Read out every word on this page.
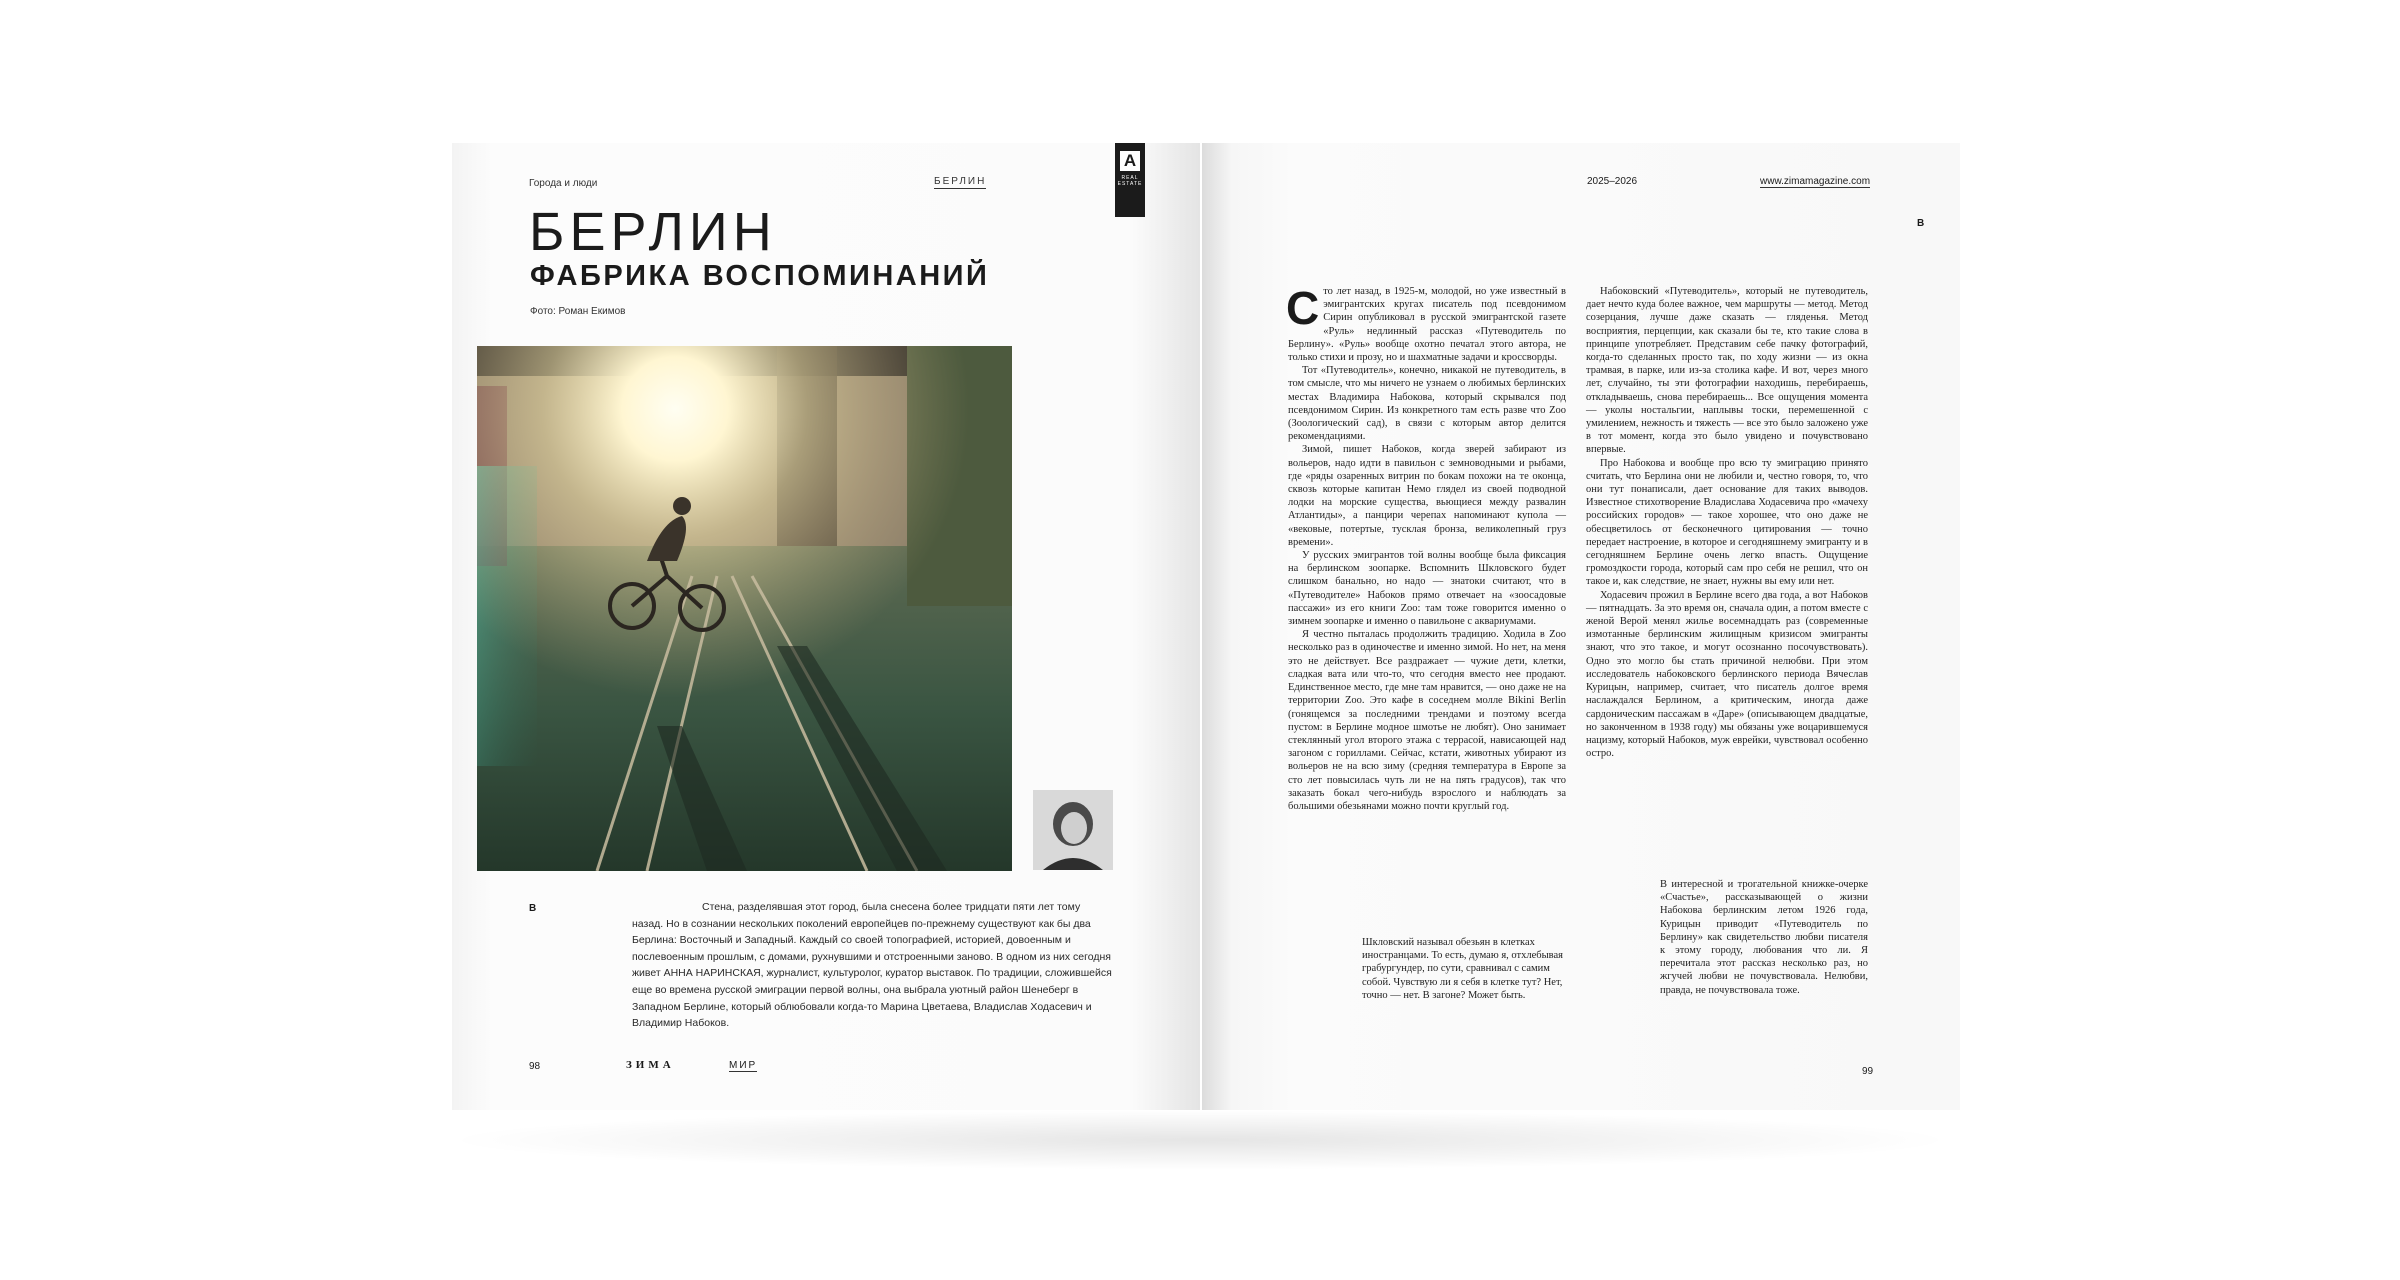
Города и люди	БЕРЛИН
A
REAL ESTATE
БЕРЛИН
ФАБРИКА ВОСПОМИНАНИЙ
Фото: Роман Екимов
B	Стена, разделявшая этот город, была снесена более тридцати пяти лет тому назад. Но в сознании нескольких поколений европейцев по-прежнему существуют как бы два Берлина: Восточный и Западный. Каждый со своей топографией, историей, довоенным и послевоенным прошлым, с домами, рухнувшими и отстроенными заново. В одном из них сегодня живет АННА НАРИНСКАЯ, журналист, культуролог, куратор выставок. По традиции, сложившейся еще во времена русской эмиграции первой волны, она выбрала уютный район Шенеберг в Западном Берлине, который облюбовали когда-то Марина Цветаева, Владислав Ходасевич и Владимир Набоков.

98	ЗИМА	МИР
2025–2026	www.zimamagazine.com
B

Сто лет назад, в 1925-м, молодой, но уже известный в эмигрантских кругах писатель под псевдонимом Сирин опубликовал в русской эмигрантской газете «Руль» недлинный рассказ «Путеводитель по Берлину». «Руль» вообще охотно печатал этого автора, не только стихи и прозу, но и шахматные задачи и кроссворды.

Тот «Путеводитель», конечно, никакой не путеводитель, в том смысле, что мы ничего не узнаем о любимых берлинских местах Владимира Набокова, который скрывался под псевдонимом Сирин. Из конкретного там есть разве что Zoo (Зоологический сад), в связи с которым автор делится рекомендациями.

Зимой, пишет Набоков, когда зверей забирают из вольеров, надо идти в павильон с земноводными и рыбами, где «ряды озаренных витрин по бокам похожи на те оконца, сквозь которые капитан Немо глядел из своей подводной лодки на морские существа, вьющиеся между развалин Атлантиды», а панцири черепах напоминают купола — «вековые, потертые, тусклая бронза, великолепный груз времени».

У русских эмигрантов той волны вообще была фиксация на берлинском зоопарке. Вспомнить Шкловского будет слишком банально, но надо — знатоки считают, что в «Путеводителе» Набоков прямо отвечает на «зоосадовые пассажи» из его книги Zoo: там тоже говорится именно о зимнем зоопарке и именно о павильоне с аквариумами.

Я честно пыталась продолжить традицию. Ходила в Zoo несколько раз в одиночестве и именно зимой. Но нет, на меня это не действует. Все раздражает — чужие дети, клетки, сладкая вата или что-то, что сегодня вместо нее продают. Единственное место, где мне там нравится, — оно даже не на территории Zoo. Это кафе в соседнем молле Bikini Berlin (гонящемся за последними трендами и поэтому всегда пустом: в Берлине модное шмотье не любят). Оно занимает стеклянный угол второго этажа с террасой, нависающей над загоном с гориллами. Сейчас, кстати, животных убирают из вольеров не на всю зиму (средняя температура в Европе за сто лет повысилась чуть ли не на пять градусов), так что заказать бокал чего-нибудь взрослого и наблюдать за большими обезьянами можно почти круглый год.

Шкловский называл обезьян в клетках иностранцами. То есть, думаю я, отхлебывая грабургундер, по сути, сравнивал с самим собой. Чувствую ли я себя в клетке тут? Нет, точно — нет. В загоне? Может быть.

Набоковский «Путеводитель», который не путеводитель, дает нечто куда более важное, чем маршруты — метод. Метод созерцания, лучше даже сказать — гляденья. Метод восприятия, перцепции, как сказали бы те, кто такие слова в принципе употребляет. Представим себе пачку фотографий, когда-то сделанных просто так, по ходу жизни — из окна трамвая, в парке, или из-за столика кафе. И вот, через много лет, случайно, ты эти фотографии находишь, перебираешь, откладываешь, снова перебираешь... Все ощущения момента — уколы ностальгии, наплывы тоски, перемешенной с умилением, нежность и тяжесть — все это было заложено уже в тот момент, когда это было увидено и почувствовано впервые.

Про Набокова и вообще про всю ту эмиграцию принято считать, что Берлина они не любили и, честно говоря, то, что они тут понаписали, дает основание для таких выводов. Известное стихотворение Владислава Ходасевича про «мачеху российских городов» — такое хорошее, что оно даже не обесцветилось от бесконечного цитирования — точно передает настроение, в которое и сегодняшнему эмигранту и в сегодняшнем Берлине очень легко впасть. Ощущение громоздкости города, который сам про себя не решил, что он такое и, как следствие, не знает, нужны вы ему или нет.

Ходасевич прожил в Берлине всего два года, а вот Набоков — пятнадцать. За это время он, сначала один, а потом вместе с женой Верой менял жилье восемнадцать раз (современные измотанные берлинским жилищным кризисом эмигранты знают, что это такое, и могут осознанно посочувствовать). Одно это могло бы стать причиной нелюбви. При этом исследователь набоковского берлинского периода Вячеслав Курицын, например, считает, что писатель долгое время наслаждался Берлином, а критическим, иногда даже сардоническим пассажам в «Даре» (описывающем двадцатые, но законченном в 1938 году) мы обязаны уже воцарившемуся нацизму, который Набоков, муж еврейки, чувствовал особенно остро.

В интересной и трогательной книжке-очерке «Счастье», рассказывающей о жизни Набокова берлинским летом 1926 года, Курицын приводит «Путеводитель по Берлину» как свидетельство любви писателя к этому городу, любования что ли. Я перечитала этот рассказ несколько раз, но жгучей любви не почувствовала. Нелюбви, правда, не почувствовала тоже.
99
